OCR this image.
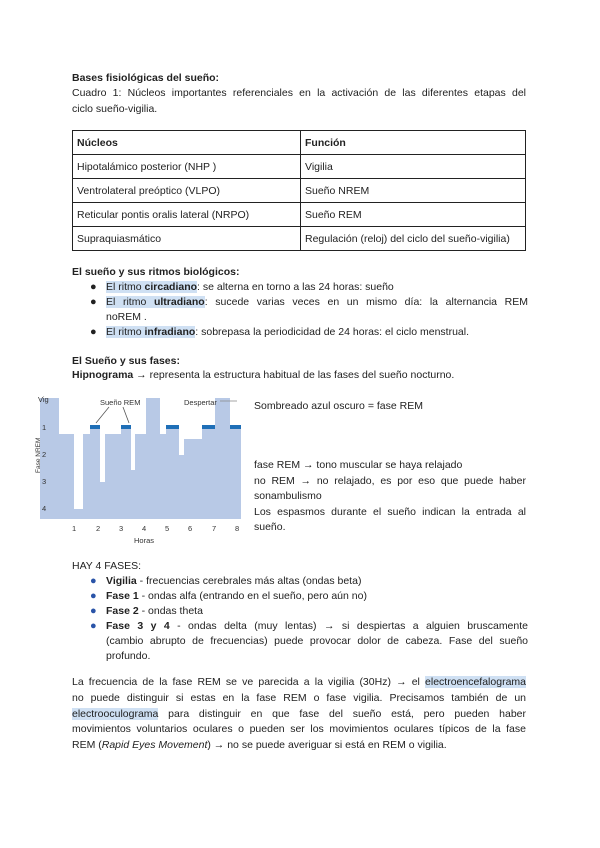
Bases fisiológicas del sueño:
Cuadro 1: Núcleos importantes referenciales en la activación de las diferentes etapas del
ciclo sueño-vigilia.
Núcleos	Función
Hipotalámico posterior (NHP )	Vigilia
Ventrolateral preóptico (VLPO)	Sueño NREM
Reticular pontis oralis lateral (NRPO)	Sueño REM
Supraquiasmático	Regulación (reloj) del ciclo del sueño-vigilia)
El sueño y sus ritmos biológicos:
● El ritmo circadiano: se alterna en torno a las 24 horas: sueño
● El ritmo ultradiano: sucede varias veces en un mismo día: la alternancia REM
noREM .
● El ritmo infradiano: sobrepasa la periodicidad de 24 horas: el ciclo menstrual.
El Sueño y sus fases:
Hipnograma → representa la estructura habitual de las fases del sueño nocturno.
Sueño REM	Despertar
Vig
1
2
3
4
Fase NREM
1	2	3	4	5	6	7	8
Horas
Sombreado azul oscuro = fase REM
fase REM → tono muscular se haya relajado
no REM → no relajado, es por eso que puede haber
sonambulismo
Los espasmos durante el sueño indican la entrada al
sueño.
HAY 4 FASES:
● Vigilia - frecuencias cerebrales más altas (ondas beta)
● Fase 1 - ondas alfa (entrando en el sueño, pero aún no)
● Fase 2 - ondas theta
● Fase 3 y 4 - ondas delta (muy lentas) → si despiertas a alguien bruscamente
(cambio abrupto de frecuencias) puede provocar dolor de cabeza. Fase del sueño
profundo.
La frecuencia de la fase REM se ve parecida a la vigilia (30Hz) → el electroencefalograma
no puede distinguir si estas en la fase REM o fase vigilia. Precisamos también de un
electrooculograma para distinguir en que fase del sueño está, pero pueden haber
movimientos voluntarios oculares o pueden ser los movimientos oculares típicos de la fase
REM (Rapid Eyes Movement) → no se puede averiguar si está en REM o vigilia.
